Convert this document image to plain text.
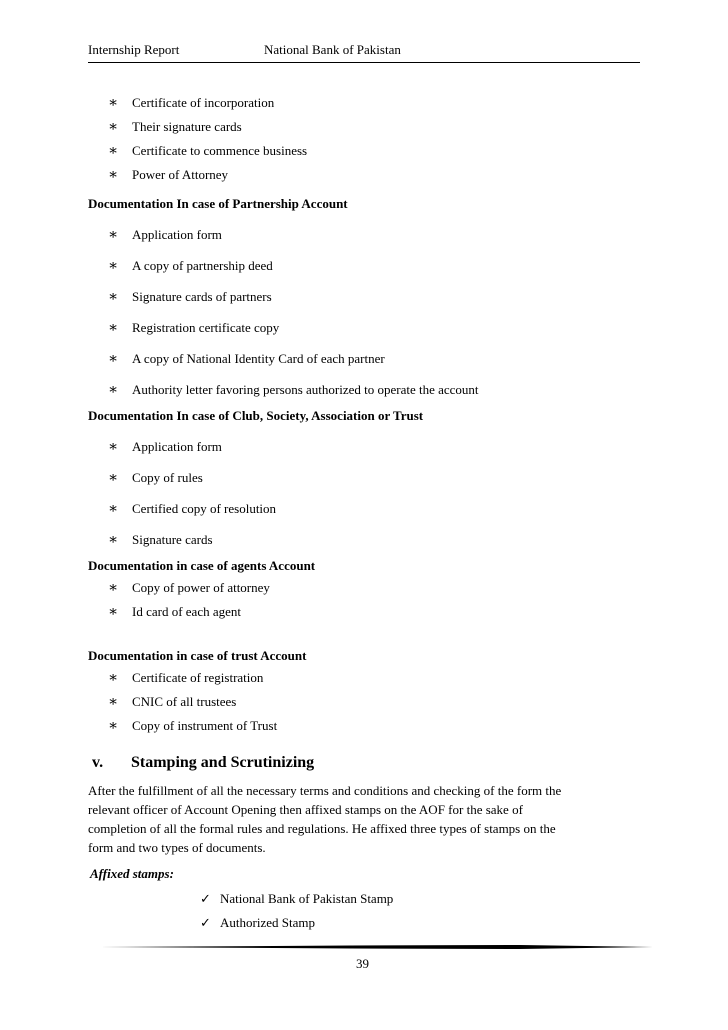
Internship Report	National Bank of Pakistan
∗ Certificate of incorporation
∗ Their signature cards
∗ Certificate to commence business
∗ Power of Attorney
Documentation In case of Partnership Account
∗ Application form
∗ A copy of partnership deed
∗ Signature cards of partners
∗ Registration certificate copy
∗ A copy of National Identity Card of each partner
∗ Authority letter favoring persons authorized to operate the account
Documentation In case of Club, Society, Association or Trust
∗ Application form
∗ Copy of rules
∗ Certified copy of resolution
∗ Signature cards
Documentation in case of agents Account
∗ Copy of power of attorney
∗ Id card of each agent
Documentation in case of trust Account
∗ Certificate of registration
∗ CNIC of all trustees
∗ Copy of instrument of Trust
v. Stamping and Scrutinizing
After the fulfillment of all the necessary terms and conditions and checking of the form the
relevant officer of Account Opening then affixed stamps on the AOF for the sake of
completion of all the formal rules and regulations. He affixed three types of stamps on the
form and two types of documents.
Affixed stamps:
✓ National Bank of Pakistan Stamp
✓ Authorized Stamp
39
